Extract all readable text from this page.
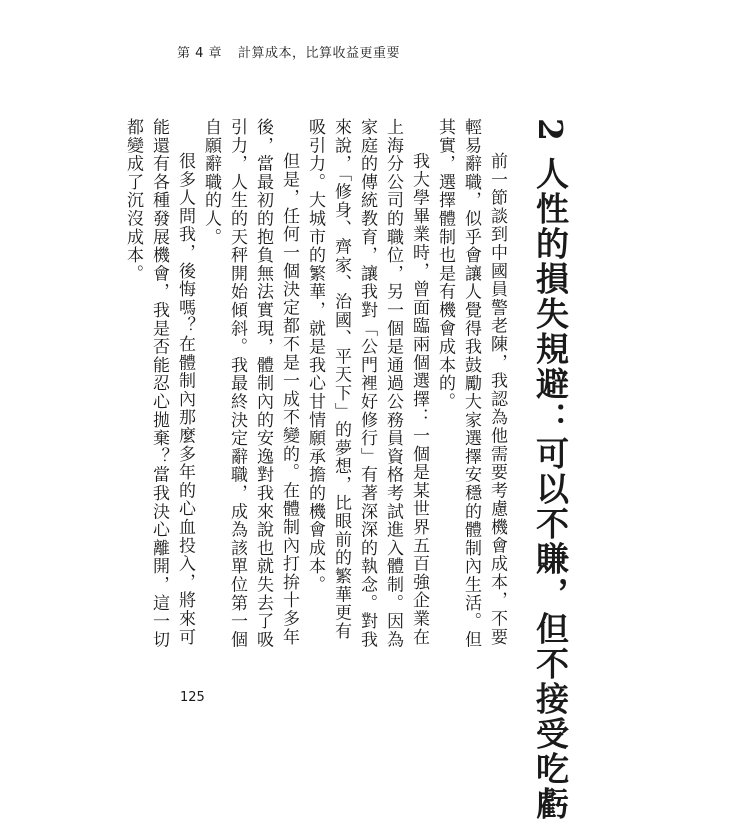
第 4 章 計算成本，比算收益更重要
2 人性的損失規避：可以不賺，但不接受吃虧

前一節談到中國員警老陳，我認為他需要考慮機會成本，不要輕易辭職，似乎會讓人覺得我鼓勵大家選擇安穩的體制內生活。但其實，選擇體制也是有機會成本的。

我大學畢業時，曾面臨兩個選擇：一個是某世界五百強企業在上海分公司的職位，另一個是通過公務員資格考試進入體制。因為家庭的傳統教育，讓我對「公門裡好修行」有著深深的執念。對我來說，「修身、齊家、治國、平天下」的夢想，比眼前的繁華更有吸引力。大城市的繁華，就是我心甘情願承擔的機會成本。

但是，任何一個決定都不是一成不變的。在體制內打拚十多年後，當最初的抱負無法實現，體制內的安逸對我來說也就失去了吸引力，人生的天秤開始傾斜。我最終決定辭職，成為該單位第一個自願辭職的人。

很多人問我，後悔嗎？在體制內那麼多年的心血投入，將來可能還有各種發展機會，我是否能忍心拋棄？當我決心離開，這一切都變成了沉沒成本。

125
